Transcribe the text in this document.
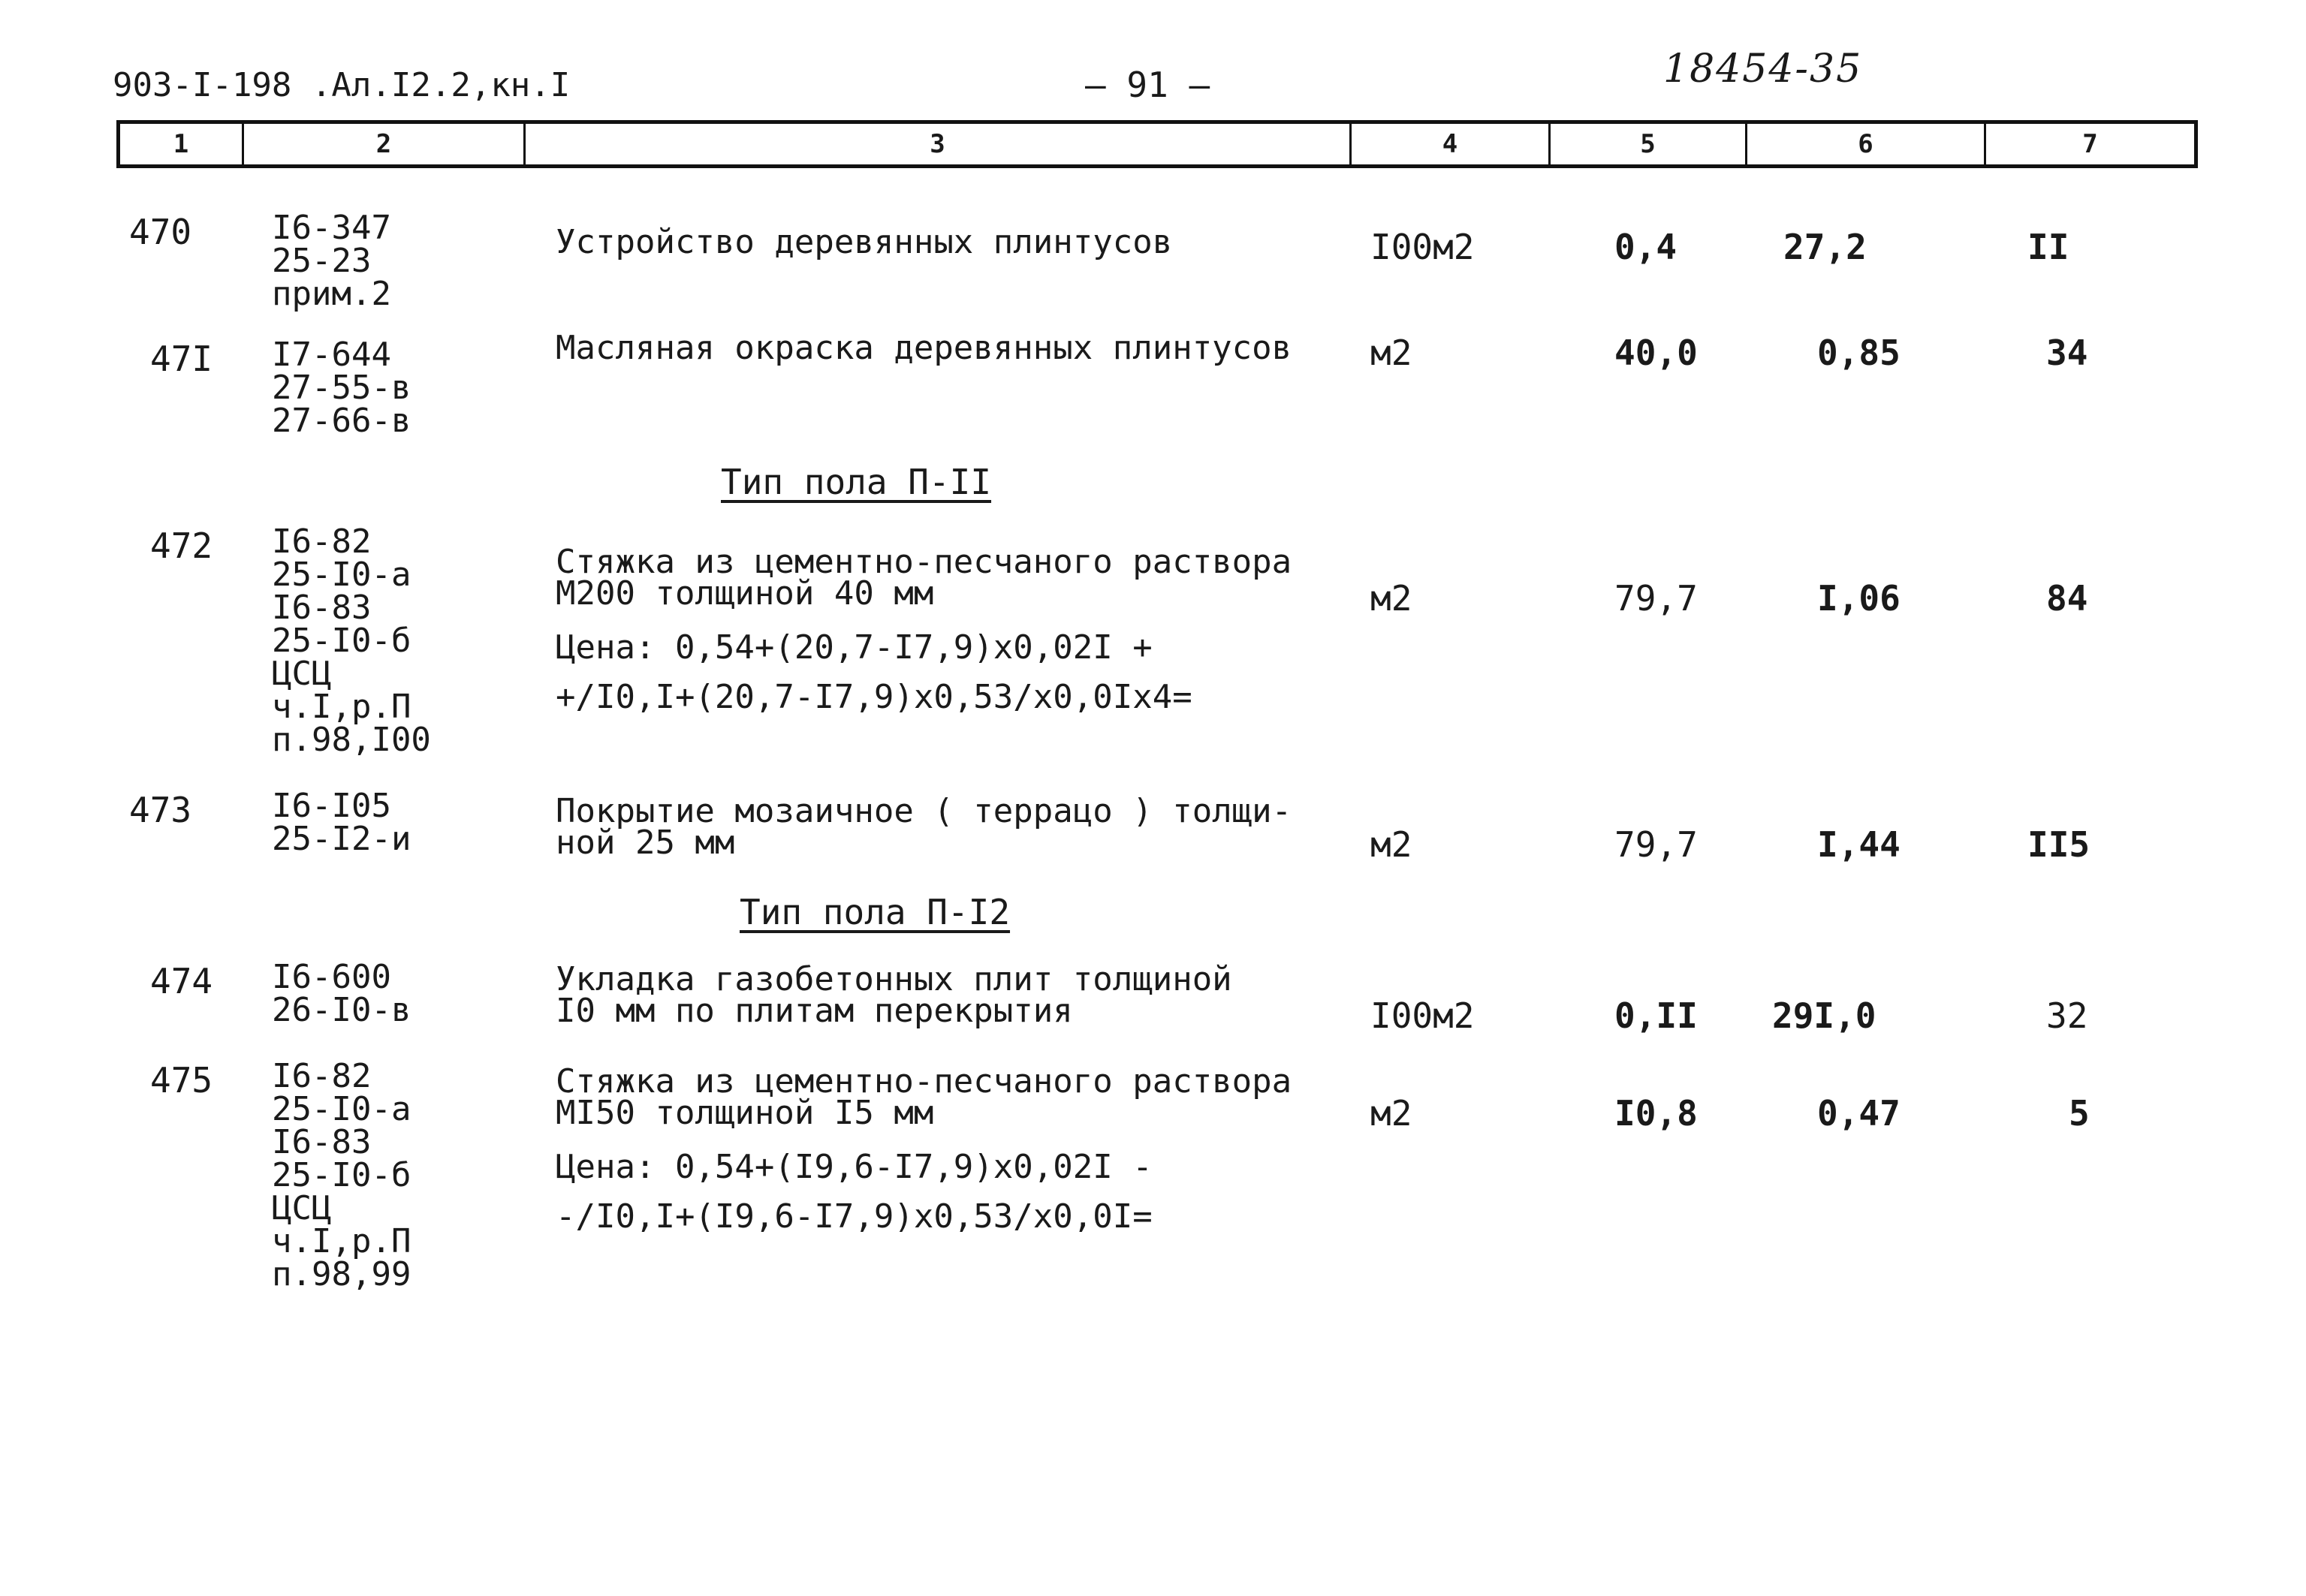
903-I-198 .Ал.I2.2,кн.I	— 91 —	18454-35
1	2	3	4	5	6	7
470 I6-347
25-23
прим.2
Устройство деревянных плинтусов	I00м2	0,4	27,2	II
47I I7-644
27-55-в
27-66-в
Масляная окраска деревянных плинтусов м2	40,0	0,85	34
Тип пола П-II
472 I6-82
25-I0-а
I6-83
25-I0-б
ЦСЦ
ч.I,р.П
п.98,I00
Стяжка из цементно-песчаного раствора
М200 толщиной 40 мм
Цена: 0,54+(20,7-I7,9)х0,02I +
+/I0,I+(20,7-I7,9)х0,53/х0,0Iх4=
м2	79,7	I,06	84
473 I6-I05
25-I2-и
Покрытие мозаичное ( террацо ) толщи-
ной 25 мм	м2	79,7	I,44	II5
Тип пола П-I2
474 I6-600
26-I0-в
Укладка газобетонных плит толщиной
I0 мм по плитам перекрытия	I00м2	0,II 29I,0	32
475 I6-82
25-I0-а
I6-83
25-I0-б
ЦСЦ
ч.I,р.П
п.98,99
Стяжка из цементно-песчаного раствора
МI50 толщиной I5 мм
Цена: 0,54+(I9,6-I7,9)х0,02I -
-/I0,I+(I9,6-I7,9)х0,53/х0,0I=
м2	I0,8	0,47	5
